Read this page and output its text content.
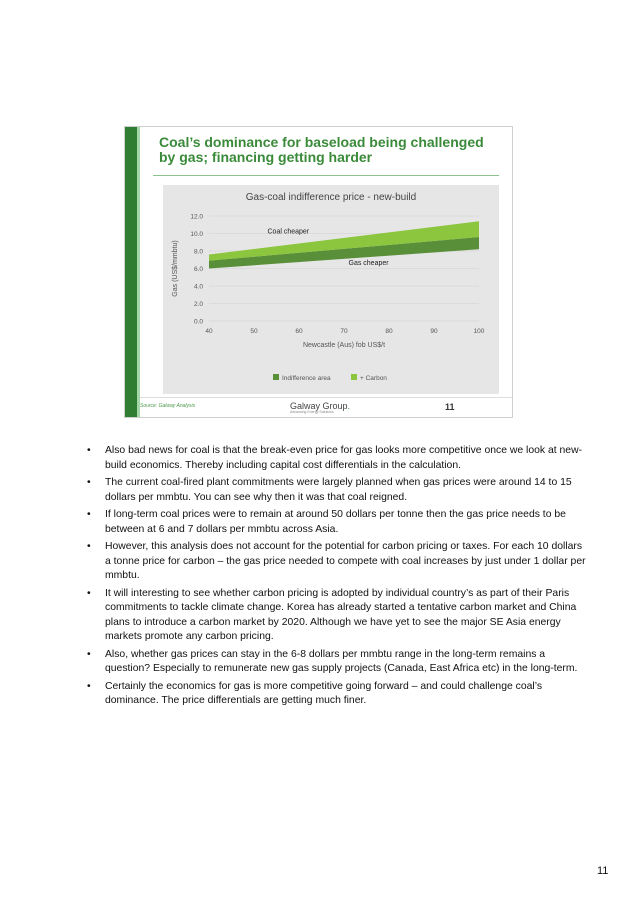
Coal’s dominance for baseload being challenged by gas; financing getting harder
Gas-coal indifference price - new-build
0.0
2.0
4.0
6.0
8.0
10.0
12.0
40	50	60	70	80	90	100
Coal cheaper
Gas cheaper
Newcastle (Aus) fob US$/t
Gas (US$/mmbtu)
Indifference area	+ Carbon
Source: Galway Analysis	Galway Group.
Advancing Energy Solutions	11
• Also bad news for coal is that the break-even price for gas looks more competitive once we look at new-build economics. Thereby including capital cost differentials in the calculation.
• The current coal-fired plant commitments were largely planned when gas prices were around 14 to 15 dollars per mmbtu. You can see why then it was that coal reigned.
• If long-term coal prices were to remain at around 50 dollars per tonne then the gas price needs to be between at 6 and 7 dollars per mmbtu across Asia.
• However, this analysis does not account for the potential for carbon pricing or taxes. For each 10 dollars a tonne price for carbon – the gas price needed to compete with coal increases by just under 1 dollar per mmbtu.
• It will interesting to see whether carbon pricing is adopted by individual country’s as part of their Paris commitments to tackle climate change. Korea has already started a tentative carbon market and China plans to introduce a carbon market by 2020. Although we have yet to see the major SE Asia energy markets promote any carbon pricing.
• Also, whether gas prices can stay in the 6-8 dollars per mmbtu range in the long-term remains a question? Especially to remunerate new gas supply projects (Canada, East Africa etc) in the long-term.
• Certainly the economics for gas is more competitive going forward – and could challenge coal’s dominance. The price differentials are getting much finer.
11
